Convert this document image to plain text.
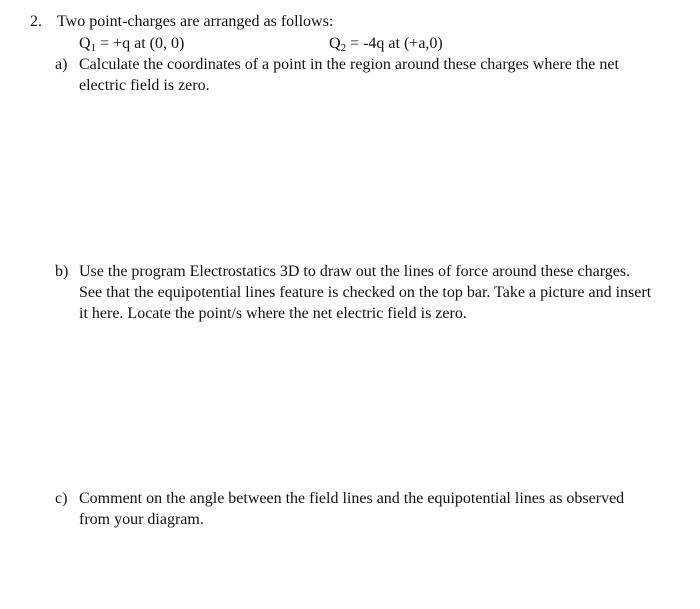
2. Two point-charges are arranged as follows:
$Q_1 = +q$ at (0, 0)	$Q_2 = -4q$ at (+a,0)
a) Calculate the coordinates of a point in the region around these charges where the net
electric field is zero.
b) Use the program Electrostatics 3D to draw out the lines of force around these charges.
See that the equipotential lines feature is checked on the top bar. Take a picture and insert
it here. Locate the point/s where the net electric field is zero.
c) Comment on the angle between the field lines and the equipotential lines as observed
from your diagram.
